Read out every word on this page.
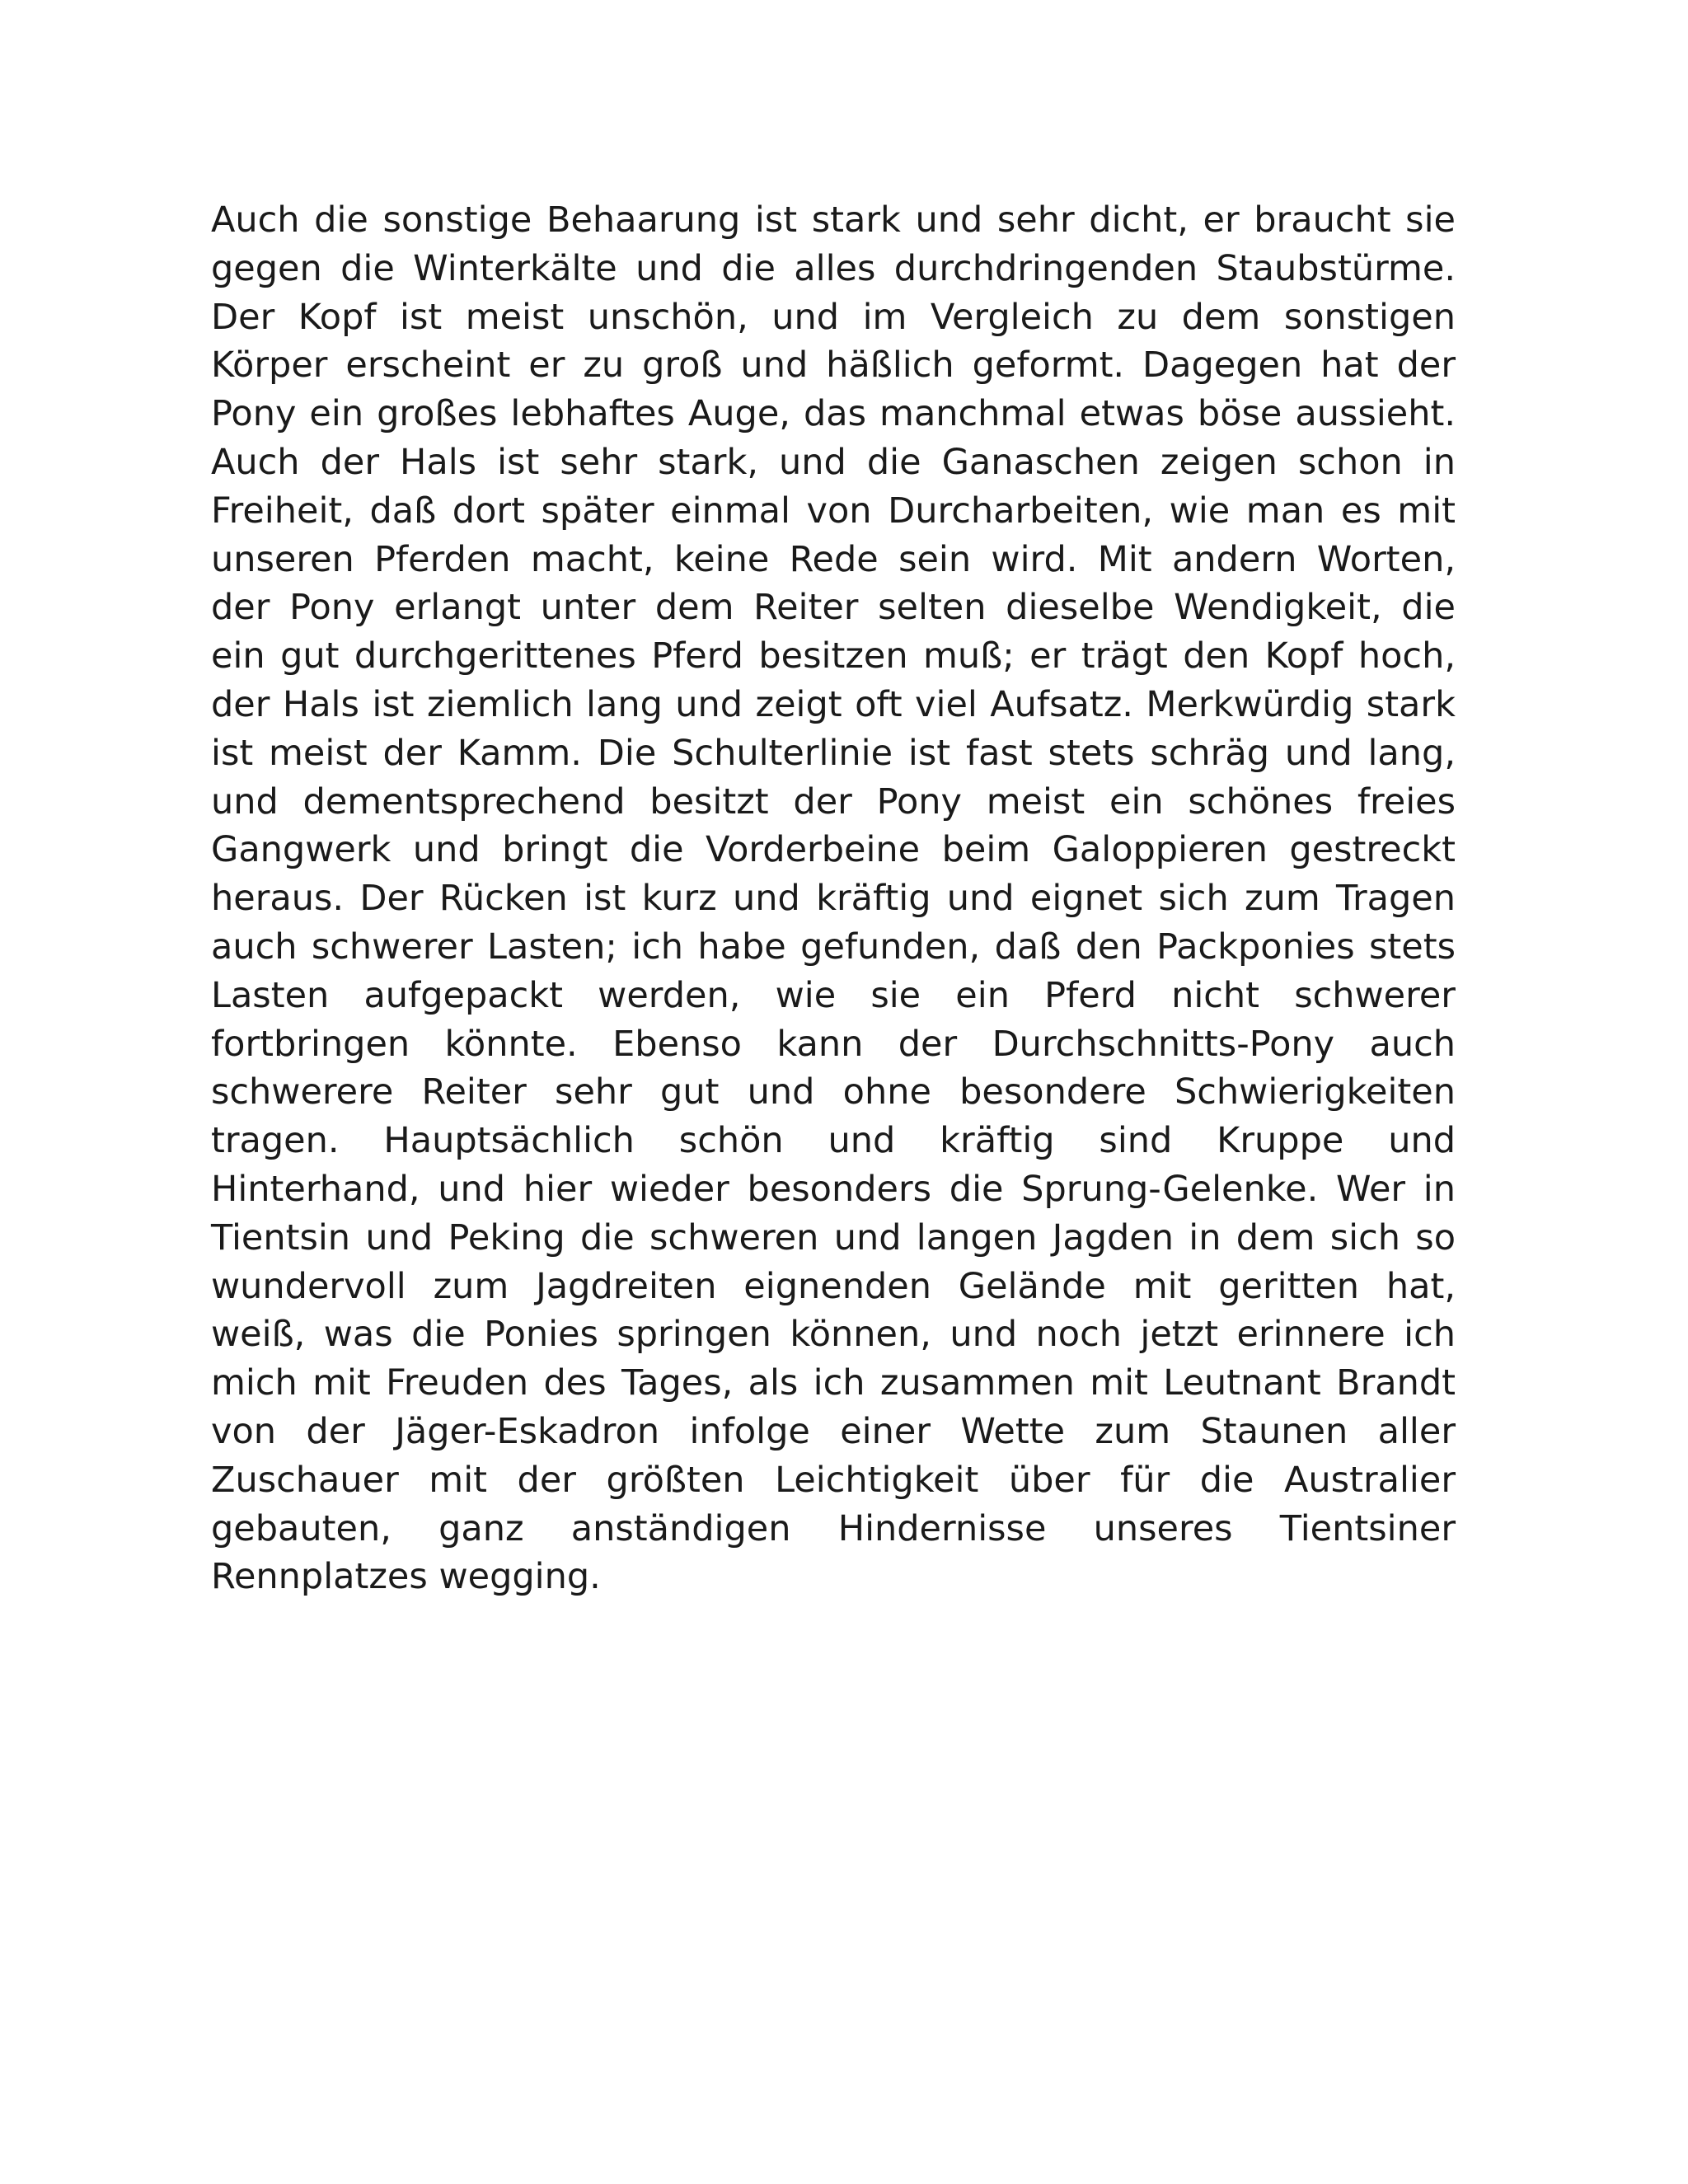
Auch die sonstige Behaarung ist stark und sehr dicht, er braucht sie
gegen die Winterkälte und die alles durchdringenden Staubstürme.
Der Kopf ist meist unschön, und im Vergleich zu dem sonstigen
Körper erscheint er zu groß und häßlich geformt. Dagegen hat der
Pony ein großes lebhaftes Auge, das manchmal etwas böse aussieht.
Auch der Hals ist sehr stark, und die Ganaschen zeigen schon in
Freiheit, daß dort später einmal von Durcharbeiten, wie man es mit
unseren Pferden macht, keine Rede sein wird. Mit andern Worten,
der Pony erlangt unter dem Reiter selten dieselbe Wendigkeit, die
ein gut durchgerittenes Pferd besitzen muß; er trägt den Kopf hoch,
der Hals ist ziemlich lang und zeigt oft viel Aufsatz. Merkwürdig stark
ist meist der Kamm. Die Schulterlinie ist fast stets schräg und lang,
und dementsprechend besitzt der Pony meist ein schönes freies
Gangwerk und bringt die Vorderbeine beim Galoppieren gestreckt
heraus. Der Rücken ist kurz und kräftig und eignet sich zum Tragen
auch schwerer Lasten; ich habe gefunden, daß den Packponies stets
Lasten aufgepackt werden, wie sie ein Pferd nicht schwerer
fortbringen könnte. Ebenso kann der Durchschnitts-Pony auch
schwerere Reiter sehr gut und ohne besondere Schwierigkeiten
tragen. Hauptsächlich schön und kräftig sind Kruppe und
Hinterhand, und hier wieder besonders die Sprung-Gelenke. Wer in
Tientsin und Peking die schweren und langen Jagden in dem sich so
wundervoll zum Jagdreiten eignenden Gelände mit geritten hat,
weiß, was die Ponies springen können, und noch jetzt erinnere ich
mich mit Freuden des Tages, als ich zusammen mit Leutnant Brandt
von der Jäger-Eskadron infolge einer Wette zum Staunen aller
Zuschauer mit der größten Leichtigkeit über für die Australier
gebauten, ganz anständigen Hindernisse unseres Tientsiner
Rennplatzes wegging.
